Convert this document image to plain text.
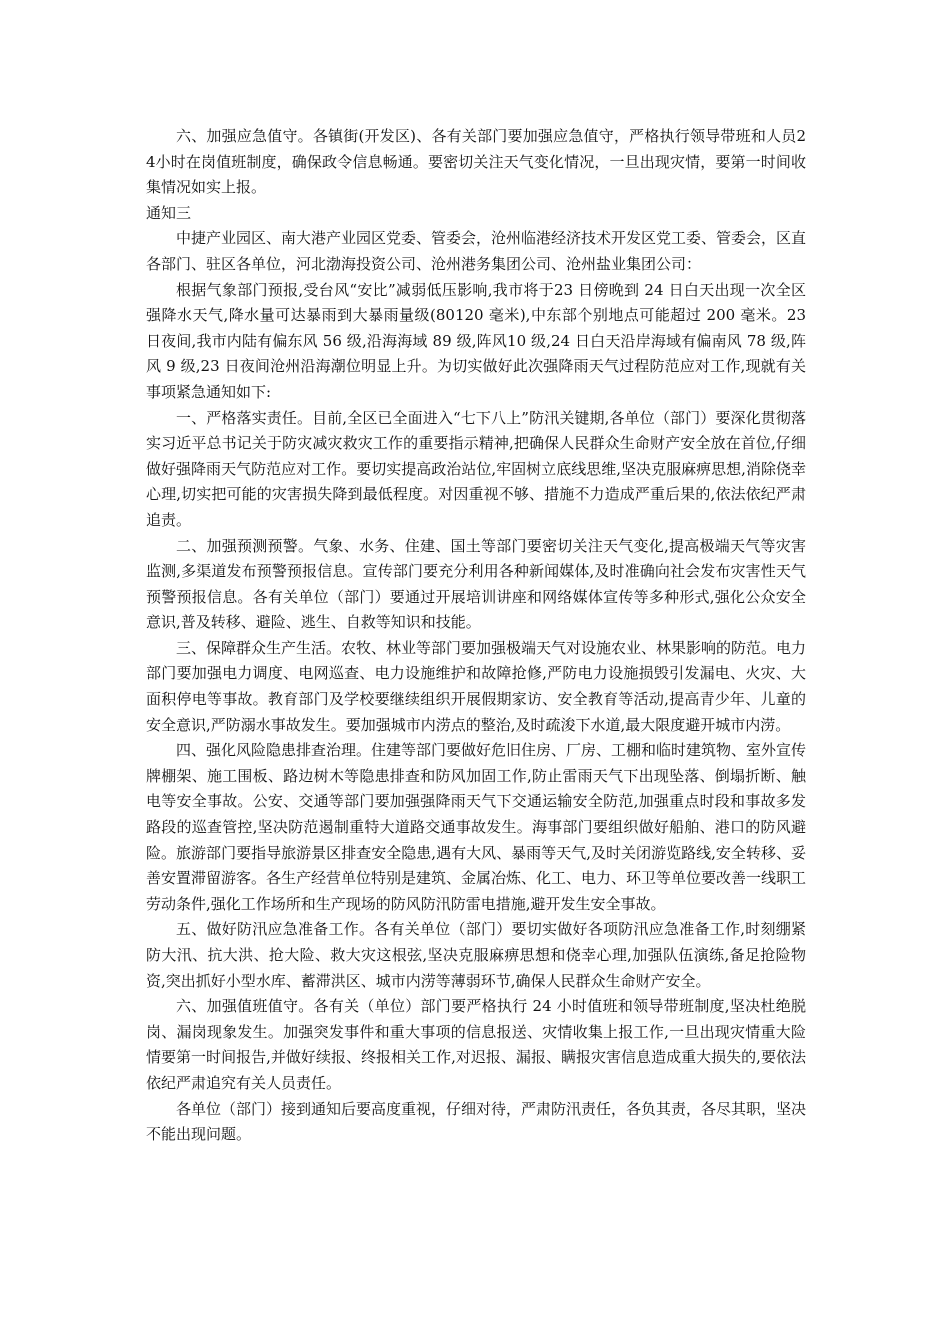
六、加强应急值守。各镇街(开发区)、各有关部门要加强应急值守，严格执行领导带班和人员24小时在岗值班制度，确保政令信息畅通。要密切关注天气变化情况，一旦出现灾情，要第一时间收集情况如实上报。

通知三

中捷产业园区、南大港产业园区党委、管委会，沧州临港经济技术开发区党工委、管委会，区直各部门、驻区各单位，河北渤海投资公司、沧州港务集团公司、沧州盐业集团公司：

根据气象部门预报,受台风“安比”减弱低压影响,我市将于23 日傍晚到 24 日白天出现一次全区强降水天气,降水量可达暴雨到大暴雨量级(80120 毫米),中东部个别地点可能超过 200 毫米。23 日夜间,我市内陆有偏东风 56 级,沿海海域 89 级,阵风10 级,24 日白天沿岸海域有偏南风 78 级,阵风 9 级,23 日夜间沧州沿海潮位明显上升。为切实做好此次强降雨天气过程防范应对工作,现就有关事项紧急通知如下:

一、严格落实责任。目前,全区已全面进入“七下八上”防汛关键期,各单位（部门）要深化贯彻落实习近平总书记关于防灾减灾救灾工作的重要指示精神,把确保人民群众生命财产安全放在首位,仔细做好强降雨天气防范应对工作。要切实提高政治站位,牢固树立底线思维,坚决克服麻痹思想,消除侥幸心理,切实把可能的灾害损失降到最低程度。对因重视不够、措施不力造成严重后果的,依法依纪严肃追责。

二、加强预测预警。气象、水务、住建、国土等部门要密切关注天气变化,提高极端天气等灾害监测,多渠道发布预警预报信息。宣传部门要充分利用各种新闻媒体,及时准确向社会发布灾害性天气预警预报信息。各有关单位（部门）要通过开展培训讲座和网络媒体宣传等多种形式,强化公众安全意识,普及转移、避险、逃生、自救等知识和技能。

三、保障群众生产生活。农牧、林业等部门要加强极端天气对设施农业、林果影响的防范。电力部门要加强电力调度、电网巡查、电力设施维护和故障抢修,严防电力设施损毁引发漏电、火灾、大面积停电等事故。教育部门及学校要继续组织开展假期家访、安全教育等活动,提高青少年、儿童的安全意识,严防溺水事故发生。要加强城市内涝点的整治,及时疏浚下水道,最大限度避开城市内涝。

四、强化风险隐患排查治理。住建等部门要做好危旧住房、厂房、工棚和临时建筑物、室外宣传牌棚架、施工围板、路边树木等隐患排查和防风加固工作,防止雷雨天气下出现坠落、倒塌折断、触电等安全事故。公安、交通等部门要加强强降雨天气下交通运输安全防范,加强重点时段和事故多发路段的巡查管控,坚决防范遏制重特大道路交通事故发生。海事部门要组织做好船舶、港口的防风避险。旅游部门要指导旅游景区排查安全隐患,遇有大风、暴雨等天气,及时关闭游览路线,安全转移、妥善安置滞留游客。各生产经营单位特别是建筑、金属冶炼、化工、电力、环卫等单位要改善一线职工劳动条件,强化工作场所和生产现场的防风防汛防雷电措施,避开发生安全事故。

五、做好防汛应急准备工作。各有关单位（部门）要切实做好各项防汛应急准备工作,时刻绷紧防大汛、抗大洪、抢大险、救大灾这根弦,坚决克服麻痹思想和侥幸心理,加强队伍演练,备足抢险物资,突出抓好小型水库、蓄滞洪区、城市内涝等薄弱环节,确保人民群众生命财产安全。

六、加强值班值守。各有关（单位）部门要严格执行 24 小时值班和领导带班制度,坚决杜绝脱岗、漏岗现象发生。加强突发事件和重大事项的信息报送、灾情收集上报工作,一旦出现灾情重大险情要第一时间报告,并做好续报、终报相关工作,对迟报、漏报、瞒报灾害信息造成重大损失的,要依法依纪严肃追究有关人员责任。

各单位（部门）接到通知后要高度重视，仔细对待，严肃防汛责任，各负其责，各尽其职，坚决不能出现问题。
